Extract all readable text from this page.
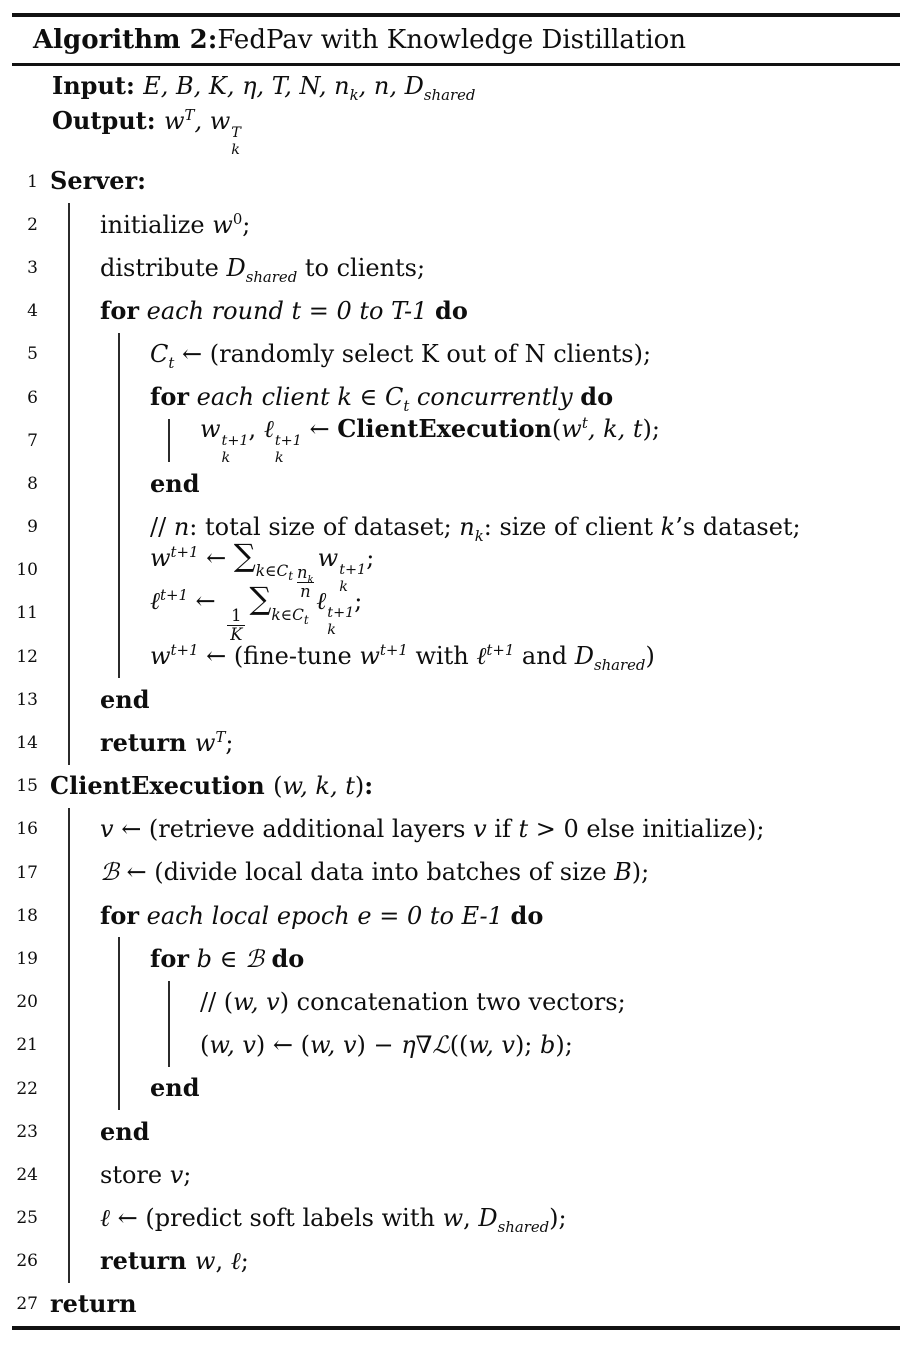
Algorithm 2: FedPav with Knowledge Distillation
Input: E, B, K, η, T, N, $n_k$, n, $D_{shared}$
Output: $w^T$, w T
k
1 Server:
2	initialize $w^0$;
3	distribute $D_{shared}$ to clients;
4	for each round t = 0 to T-1 do
5	$C_t$ ← (randomly select K out of N clients);
6	for each client k ∈ $C_t$ concurrently do
7	w t+1
k
, ℓ t+1
k
← $ClientExecution(w^t$, k, t);
8	end
9	// n: total size of dataset; $n_k$: size of client k’s dataset;
10	$w^{t+1}$ ← $\sum_{k\in C_t} \frac{n_k}{n}$
w t+1
k
;
11	ℓ$^{t+1}$ ←
$\frac{1}{K}$
$\sum_{k\in C_t}$ ℓ t+1
k
;
12	$w^{t+1}$ ← (fine-tune $w^{t+1}$ with ℓ$^{t+1}$ and $D_{shared}$)
13	end
14	return $w^T$;
15 ClientExecution (w, k, t):
16	v ← (retrieve additional layers v if t > 0 else initialize);
17	ℬ ← (divide local data into batches of size B);
18	for each local epoch e = 0 to E-1 do
19	for b ∈ ℬ do
20	// (w, v) concatenation two vectors;
21	(w, v) ← (w, v) − η∇ℒ((w, v); b);
22	end
23	end
24	store v;
25	ℓ ← (predict soft labels with w, $D_{shared}$);
26	return w, ℓ;
27 return
